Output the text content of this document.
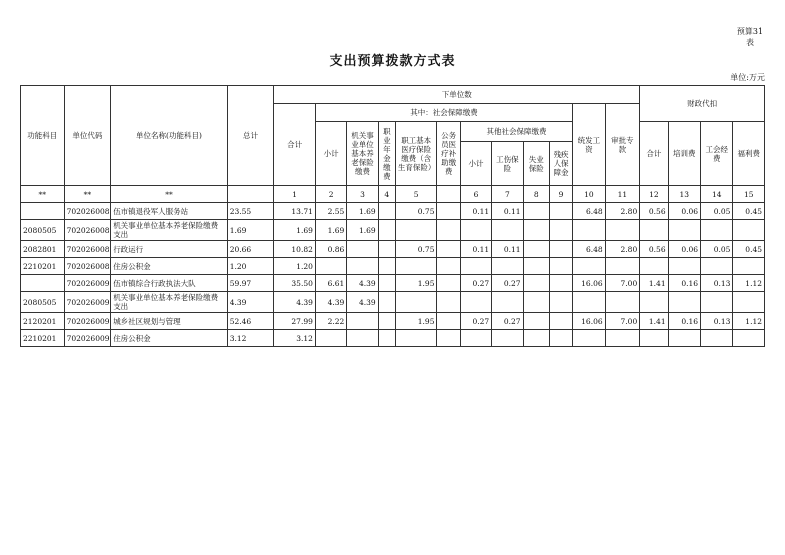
预算31
表
支出预算拨款方式表
单位:万元
功能科目	单位代码	单位名称(功能科目)	总计	下单位数												财政代扣			
				合计	其中：社会保障缴费									统发工资	审批专款				
					小计	机关事业单位基本养老保险缴费	职业年金缴费	职工基本医疗保险缴费（含生育保险）	公务员医疗补助缴费	其他社会保障缴费						合计	培训费	工会经费	福利费
										小计	工伤保险	失业保险	残疾人保障金						
**	**	**		1	2	3	4	5		6	7	8	9	10	11	12	13	14	15
	702026008	伍市镇退役军人服务站	23.55	13.71	2.55	1.69		0.75		0.11	0.11			6.48	2.80	0.56	0.06	0.05	0.45
2080505	702026008	机关事业单位基本养老保险缴费支出	1.69	1.69	1.69	1.69													
2082801	702026008	行政运行	20.66	10.82	0.86			0.75		0.11	0.11			6.48	2.80	0.56	0.06	0.05	0.45
2210201	702026008	住房公积金	1.20	1.20															
	702026009	伍市镇综合行政执法大队	59.97	35.50	6.61	4.39		1.95		0.27	0.27			16.06	7.00	1.41	0.16	0.13	1.12
2080505	702026009	机关事业单位基本养老保险缴费支出	4.39	4.39	4.39	4.39													
2120201	702026009	城乡社区规划与管理	52.46	27.99	2.22			1.95		0.27	0.27			16.06	7.00	1.41	0.16	0.13	1.12
2210201	702026009	住房公积金	3.12	3.12															
